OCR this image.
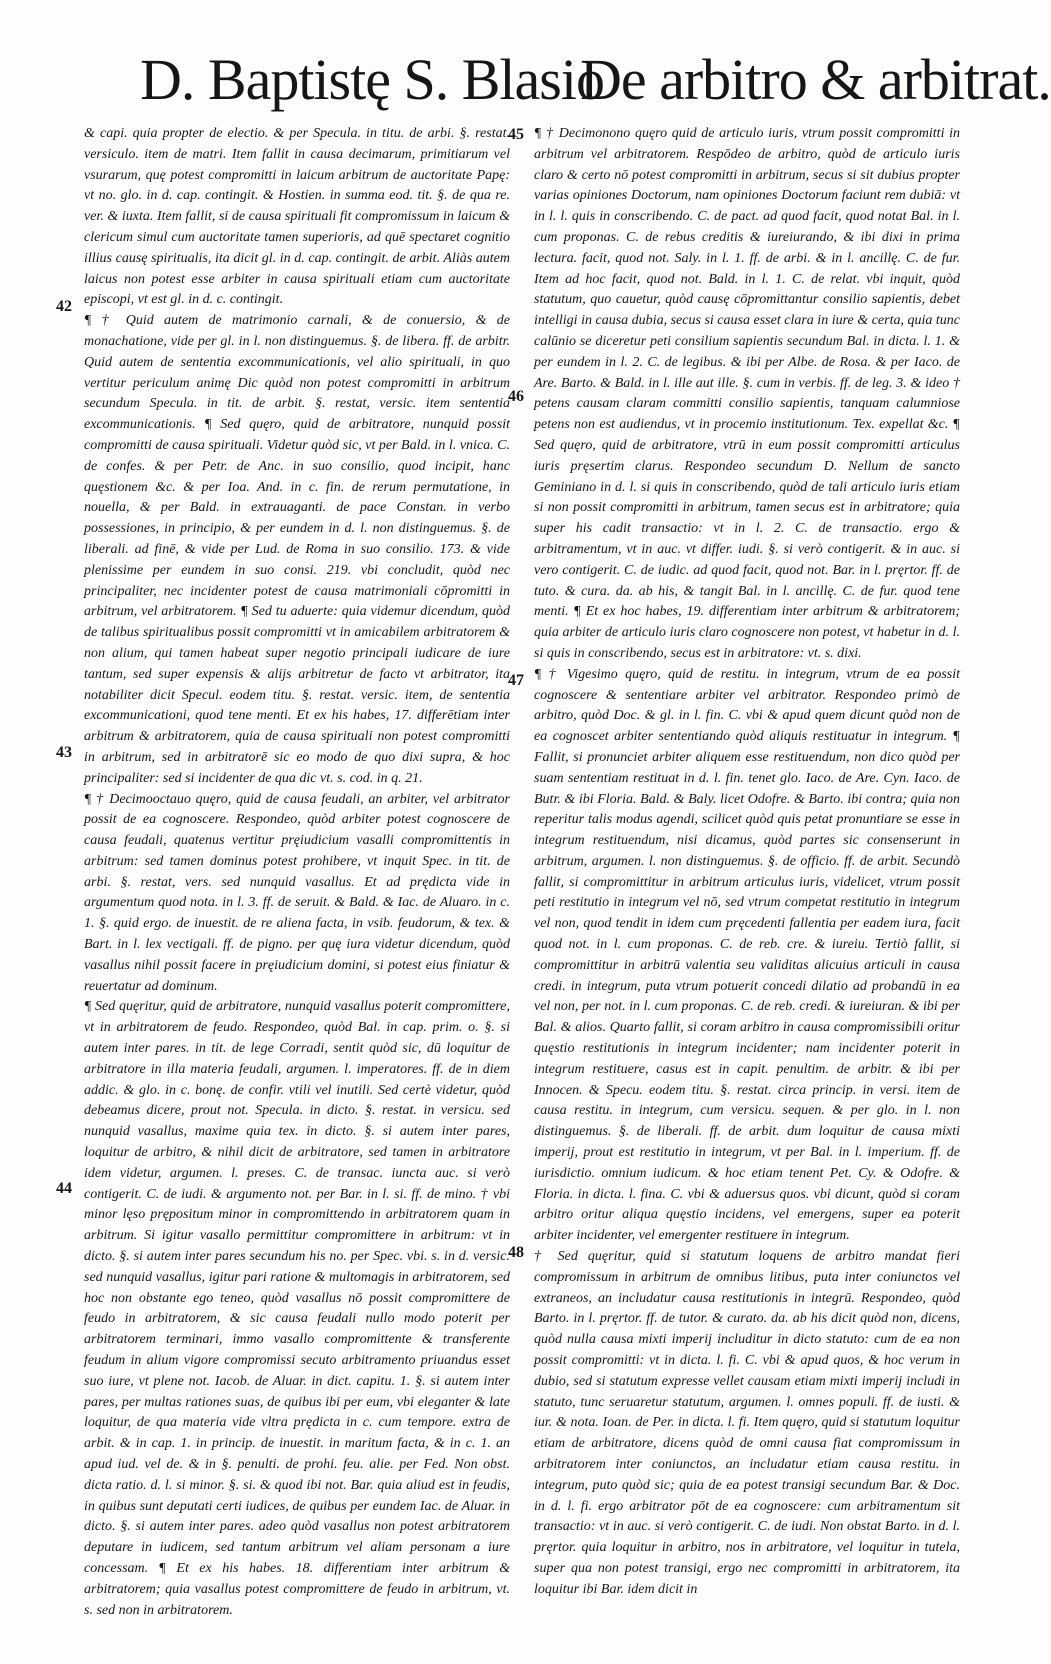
D. Baptistę S. Blasio
De arbitro & arbitrat.
42
43
44
45
46
47
48

& capi. quia propter de electio. & per Specula. in titu. de arbi. §. restat. versiculo. item de matri. Item fallit in causa decimarum, primitiarum vel vsurarum, quę potest compromitti in laicum arbitrum de auctoritate Papę: vt no. glo. in d. cap. contingit. & Hostien. in summa eod. tit. §. de qua re. ver. & iuxta. Item fallit, si de causa spirituali fit compromissum in laicum & clericum simul cum auctoritate tamen superioris, ad quē spectaret cognitio illius causę spiritualis, ita dicit gl. in d. cap. contingit. de arbit. Aliàs autem laicus non potest esse arbiter in causa spirituali etiam cum auctoritate episcopi, vt est gl. in d. c. contingit.

¶ † Quid autem de matrimonio carnali, & de conuersio, & de monachatione, vide per gl. in l. non distinguemus. §. de libera. ff. de arbitr. Quid autem de sententia excommunicationis, vel alio spirituali, in quo vertitur periculum animę Dic quòd non potest compromitti in arbitrum secundum Specula. in tit. de arbit. §. restat, versic. item sententia excommunicationis. ¶ Sed quęro, quid de arbitratore, nunquid possit compromitti de causa spirituali. Videtur quòd sic, vt per Bald. in l. vnica. C. de confes. & per Petr. de Anc. in suo consilio, quod incipit, hanc quęstionem &c. & per Ioa. And. in c. fin. de rerum permutatione, in nouella, & per Bald. in extrauaganti. de pace Constan. in verbo possessiones, in principio, & per eundem in d. l. non distinguemus. §. de liberali. ad finē, & vide per Lud. de Roma in suo consilio. 173. & vide plenissime per eundem in suo consi. 219. vbi concludit, quòd nec principaliter, nec incidenter potest de causa matrimoniali cōpromitti in arbitrum, vel arbitratorem. ¶ Sed tu aduerte: quia videmur dicendum, quòd de talibus spiritualibus possit compromitti vt in amicabilem arbitratorem & non alium, qui tamen habeat super negotio principali iudicare de iure tantum, sed super expensis & alijs arbitretur de facto vt arbitrator, ita notabiliter dicit Specul. eodem titu. §. restat. versic. item, de sententia excommunicationi, quod tene menti. Et ex his habes, 17. differētiam inter arbitrum & arbitratorem, quia de causa spirituali non potest compromitti in arbitrum, sed in arbitratorē sic eo modo de quo dixi supra, & hoc principaliter: sed si incidenter de qua dic vt. s. cod. in q. 21.

¶ † Decimooctauo quęro, quid de causa feudali, an arbiter, vel arbitrator possit de ea cognoscere. Respondeo, quòd arbiter potest cognoscere de causa feudali, quatenus vertitur pręiudicium vasalli compromittentis in arbitrum: sed tamen dominus potest prohibere, vt inquit Spec. in tit. de arbi. §. restat, vers. sed nunquid vasallus. Et ad prędicta vide in argumentum quod nota. in l. 3. ff. de seruit. & Bald. & Iac. de Aluaro. in c. 1. §. quid ergo. de inuestit. de re aliena facta, in vsib. feudorum, & tex. & Bart. in l. lex vectigali. ff. de pigno. per quę iura videtur dicendum, quòd vasallus nihil possit facere in pręiudicium domini, si potest eius finiatur & reuertatur ad dominum.

¶ Sed quęritur, quid de arbitratore, nunquid vasallus poterit compromittere, vt in arbitratorem de feudo. Respondeo, quòd Bal. in cap. prim. o. §. si autem inter pares. in tit. de lege Corradi, sentit quòd sic, dū loquitur de arbitratore in illa materia feudali, argumen. l. imperatores. ff. de in diem addic. & glo. in c. bonę. de confir. vtili vel inutili. Sed certè videtur, quòd debeamus dicere, prout not. Specula. in dicto. §. restat. in versicu. sed nunquid vasallus, maxime quia tex. in dicto. §. si autem inter pares, loquitur de arbitro, & nihil dicit de arbitratore, sed tamen in arbitratore idem videtur, argumen. l. preses. C. de transac. iuncta auc. si verò contigerit. C. de iudi. & argumento not. per Bar. in l. si. ff. de mino. † vbi minor lęso prępositum minor in compromittendo in arbitratorem quam in arbitrum. Si igitur vasallo permittitur compromittere in arbitrum: vt in dicto. §. si autem inter pares secundum his no. per Spec. vbi. s. in d. versic. sed nunquid vasallus, igitur pari ratione & multomagis in arbitratorem, sed hoc non obstante ego teneo, quòd vasallus nō possit compromittere de feudo in arbitratorem, & sic causa feudali nullo modo poterit per arbitratorem terminari, immo vasallo compromittente & transferente feudum in alium vigore compromissi secuto arbitramento priuandus esset suo iure, vt plene not. Iacob. de Aluar. in dict. capitu. 1. §. si autem inter pares, per multas rationes suas, de quibus ibi per eum, vbi eleganter & late loquitur, de qua materia vide vltra prędicta in c. cum tempore. extra de arbit. & in cap. 1. in princip. de inuestit. in maritum facta, & in c. 1. an apud iud. vel de. & in §. penulti. de prohi. feu. alie. per Fed. Non obst. dicta ratio. d. l. si minor. §. si. & quod ibi not. Bar. quia aliud est in feudis, in quibus sunt deputati certi iudices, de quibus per eundem Iac. de Aluar. in dicto. §. si autem inter pares. adeo quòd vasallus non potest arbitratorem deputare in iudicem, sed tantum arbitrum vel aliam personam a iure concessam. ¶ Et ex his habes. 18. differentiam inter arbitrum & arbitratorem; quia vasallus potest compromittere de feudo in arbitrum, vt. s. sed non in arbitratorem.

¶ † Decimonono quęro quid de articulo iuris, vtrum possit compromitti in arbitrum vel arbitratorem. Respōdeo de arbitro, quòd de articulo iuris claro & certo nō potest compromitti in arbitrum, secus si sit dubius propter varias opiniones Doctorum, nam opiniones Doctorum faciunt rem dubiā: vt in l. l. quis in conscribendo. C. de pact. ad quod facit, quod notat Bal. in l. cum proponas. C. de rebus creditis & iureiurando, & ibi dixi in prima lectura. facit, quod not. Saly. in l. 1. ff. de arbi. & in l. ancillę. C. de fur. Item ad hoc facit, quod not. Bald. in l. 1. C. de relat. vbi inquit, quòd statutum, quo cauetur, quòd causę cōpromittantur consilio sapientis, debet intelligi in causa dubia, secus si causa esset clara in iure & certa, quia tunc calūnio se diceretur peti consilium sapientis secundum Bal. in dicta. l. 1. & per eundem in l. 2. C. de legibus. & ibi per Albe. de Rosa. & per Iaco. de Are. Barto. & Bald. in l. ille aut ille. §. cum in verbis. ff. de leg. 3. & ideo † petens causam claram committi consilio sapientis, tanquam calumniose petens non est audiendus, vt in procemio institutionum. Tex. expellat &c. ¶ Sed quęro, quid de arbitratore, vtrū in eum possit compromitti articulus iuris pręsertim clarus. Respondeo secundum D. Nellum de sancto Geminiano in d. l. si quis in conscribendo, quòd de tali articulo iuris etiam si non possit compromitti in arbitrum, tamen secus est in arbitratore; quia super his cadit transactio: vt in l. 2. C. de transactio. ergo & arbitramentum, vt in auc. vt differ. iudi. §. si verò contigerit. & in auc. si vero contigerit. C. de iudic. ad quod facit, quod not. Bar. in l. pręrtor. ff. de tuto. & cura. da. ab his, & tangit Bal. in l. ancillę. C. de fur. quod tene menti. ¶ Et ex hoc habes, 19. differentiam inter arbitrum & arbitratorem; quia arbiter de articulo iuris claro cognoscere non potest, vt habetur in d. l. si quis in conscribendo, secus est in arbitratore: vt. s. dixi.

¶ † Vigesimo quęro, quid de restitu. in integrum, vtrum de ea possit cognoscere & sententiare arbiter vel arbitrator. Respondeo primò de arbitro, quòd Doc. & gl. in l. fin. C. vbi & apud quem dicunt quòd non de ea cognoscet arbiter sententiando quòd aliquis restituatur in integrum. ¶ Fallit, si pronunciet arbiter aliquem esse restituendum, non dico quòd per suam sententiam restituat in d. l. fin. tenet glo. Iaco. de Are. Cyn. Iaco. de Butr. & ibi Floria. Bald. & Baly. licet Odofre. & Barto. ibi contra; quia non reperitur talis modus agendi, scilicet quòd quis petat pronuntiare se esse in integrum restituendum, nisi dicamus, quòd partes sic consenserunt in arbitrum, argumen. l. non distinguemus. §. de officio. ff. de arbit. Secundò fallit, si compromittitur in arbitrum articulus iuris, videlicet, vtrum possit peti restitutio in integrum vel nō, sed vtrum competat restitutio in integrum vel non, quod tendit in idem cum pręcedenti fallentia per eadem iura, facit quod not. in l. cum proponas. C. de reb. cre. & iureiu. Tertiò fallit, si compromittitur in arbitrū valentia seu validitas alicuius articuli in causa credi. in integrum, puta vtrum potuerit concedi dilatio ad probandū in ea vel non, per not. in l. cum proponas. C. de reb. credi. & iureiuran. & ibi per Bal. & alios. Quarto fallit, si coram arbitro in causa compromissibili oritur quęstio restitutionis in integrum incidenter; nam incidenter poterit in integrum restituere, casus est in capit. penultim. de arbitr. & ibi per Innocen. & Specu. eodem titu. §. restat. circa princip. in versi. item de causa restitu. in integrum, cum versicu. sequen. & per glo. in l. non distinguemus. §. de liberali. ff. de arbit. dum loquitur de causa mixti imperij, prout est restitutio in integrum, vt per Bal. in l. imperium. ff. de iurisdictio. omnium iudicum. & hoc etiam tenent Pet. Cy. & Odofre. & Floria. in dicta. l. fina. C. vbi & aduersus quos. vbi dicunt, quòd si coram arbitro oritur aliqua quęstio incidens, vel emergens, super ea poterit arbiter incidenter, vel emergenter restituere in integrum.

† Sed quęritur, quid si statutum loquens de arbitro mandat fieri compromissum in arbitrum de omnibus litibus, puta inter coniunctos vel extraneos, an includatur causa restitutionis in integrū. Respondeo, quòd Barto. in l. pręrtor. ff. de tutor. & curato. da. ab his dicit quòd non, dicens, quòd nulla causa mixti imperij includitur in dicto statuto: cum de ea non possit compromitti: vt in dicta. l. fi. C. vbi & apud quos, & hoc verum in dubio, sed si statutum expresse vellet causam etiam mixti imperij includi in statuto, tunc seruaretur statutum, argumen. l. omnes populi. ff. de iusti. & iur. & nota. Ioan. de Per. in dicta. l. fi. Item quęro, quid si statutum loquitur etiam de arbitratore, dicens quòd de omni causa fiat compromissum in arbitratorem inter coniunctos, an includatur etiam causa restitu. in integrum, puto quòd sic; quia de ea potest transigi secundum Bar. & Doc. in d. l. fi. ergo arbitrator pōt de ea cognoscere: cum arbitramentum sit transactio: vt in auc. si verò contigerit. C. de iudi. Non obstat Barto. in d. l. pręrtor. quia loquitur in arbitro, nos in arbitratore, vel loquitur in tutela, super qua non potest transigi, ergo nec compromitti in arbitratorem, ita loquitur ibi Bar. idem dicit in
